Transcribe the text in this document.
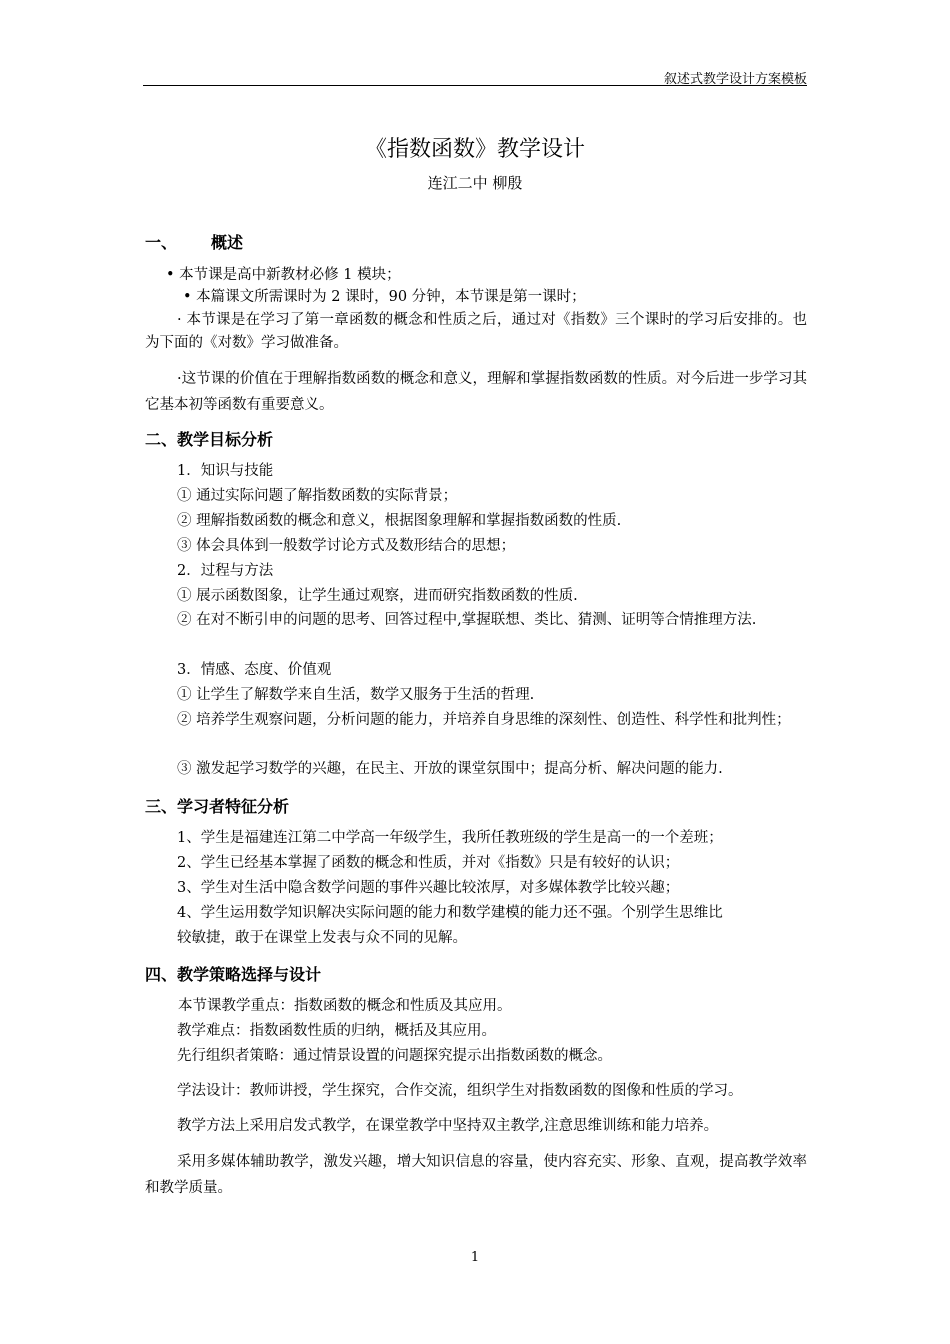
叙述式教学设计方案模板
《指数函数》教学设计
连江二中 柳殷
一、 概述
• 本节课是高中新教材必修 1 模块；
• 本篇课文所需课时为 2 课时，90 分钟，本节课是第一课时；
· 本节课是在学习了第一章函数的概念和性质之后，通过对《指数》三个课时的学习后安排的。也为下面的《对数》学习做准备。
·这节课的价值在于理解指数函数的概念和意义，理解和掌握指数函数的性质。对今后进一步学习其它基本初等函数有重要意义。
二、教学目标分析
1．知识与技能
① 通过实际问题了解指数函数的实际背景；
② 理解指数函数的概念和意义，根据图象理解和掌握指数函数的性质.
③ 体会具体到一般数学讨论方式及数形结合的思想；
2．过程与方法
① 展示函数图象，让学生通过观察，进而研究指数函数的性质.
② 在对不断引申的问题的思考、回答过程中,掌握联想、类比、猜测、证明等合情推理方法.
3．情感、态度、价值观
① 让学生了解数学来自生活，数学又服务于生活的哲理.
② 培养学生观察问题，分析问题的能力，并培养自身思维的深刻性、创造性、科学性和批判性；
③ 激发起学习数学的兴趣，在民主、开放的课堂氛围中；提高分析、解决问题的能力.
三、学习者特征分析
1、学生是福建连江第二中学高一年级学生，我所任教班级的学生是高一的一个差班；
2、学生已经基本掌握了函数的概念和性质，并对《指数》只是有较好的认识；
3、学生对生活中隐含数学问题的事件兴趣比较浓厚，对多媒体教学比较兴趣；
4、学生运用数学知识解决实际问题的能力和数学建模的能力还不强。个别学生思维比
较敏捷，敢于在课堂上发表与众不同的见解。
四、教学策略选择与设计
本节课教学重点：指数函数的概念和性质及其应用。
教学难点：指数函数性质的归纳，概括及其应用。
先行组织者策略：通过情景设置的问题探究提示出指数函数的概念。
学法设计：教师讲授，学生探究，合作交流，组织学生对指数函数的图像和性质的学习。
教学方法上采用启发式教学，在课堂教学中坚持双主教学,注意思维训练和能力培养。
采用多媒体辅助教学，激发兴趣，增大知识信息的容量，使内容充实、形象、直观，提高教学效率和教学质量。
1
